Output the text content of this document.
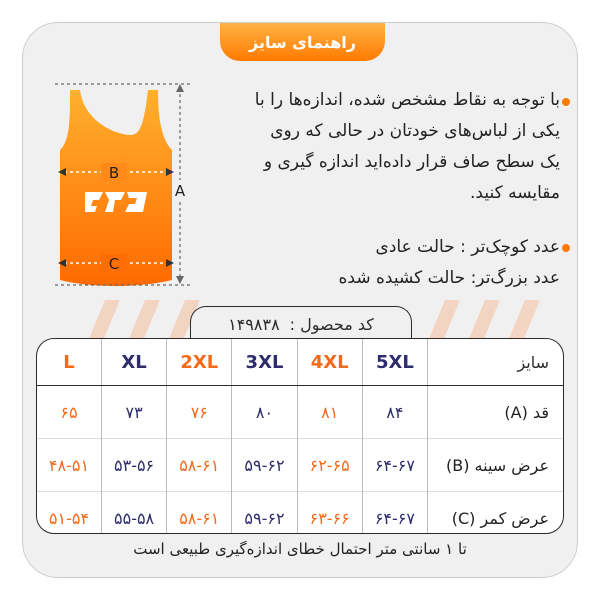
راهنمای سایز
B
C
A
با توجه به نقاط مشخص شده، اندازه‌ها را با یکی از لباس‌های خودتان در حالی که روی یک سطح صاف قرار داده‌اید اندازه گیری و مقایسه کنید.
عدد کوچک‌تر : حالت عادی
عدد بزرگ‌تر: حالت کشیده شده
کد محصول :
۱۴۹۸۳۸
سایز	5XL	4XL	3XL	2XL	XL	L
قد (A)	۸۴	۸۱	۸۰	۷۶	۷۳	۶۵
عرض سینه (B)	۶۴-۶۷	۶۲-۶۵	۵۹-۶۲	۵۸-۶۱	۵۳-۵۶	۴۸-۵۱
عرض کمر (C)	۶۴-۶۷	۶۳-۶۶	۵۹-۶۲	۵۸-۶۱	۵۵-۵۸	۵۱-۵۴
تا ۱ سانتی متر احتمال خطای اندازه‌گیری طبیعی است
